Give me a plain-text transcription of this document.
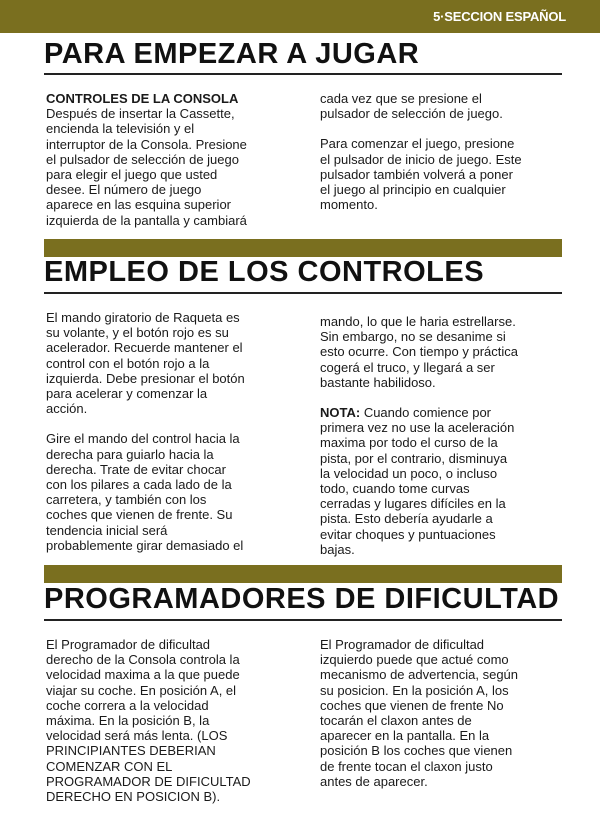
5·SECCION ESPAÑOL
PARA EMPEZAR A JUGAR

CONTROLES DE LA CONSOLA

Después de insertar la Cassette,
encienda la televisión y el
interruptor de la Consola. Presione
el pulsador de selección de juego
para elegir el juego que usted
desee. El número de juego
aparece en las esquina superior
izquierda de la pantalla y cambiará

cada vez que se presione el
pulsador de selección de juego.

Para comenzar el juego, presione
el pulsador de inicio de juego. Este
pulsador también volverá a poner
el juego al principio en cualquier
momento.

EMPLEO DE LOS CONTROLES

El mando giratorio de Raqueta es
su volante, y el botón rojo es su
acelerador. Recuerde mantener el
control con el botón rojo a la
izquierda. Debe presionar el botón
para acelerar y comenzar la
acción.

Gire el mando del control hacia la
derecha para guiarlo hacia la
derecha. Trate de evitar chocar
con los pilares a cada lado de la
carretera, y también con los
coches que vienen de frente. Su
tendencia inicial será
probablemente girar demasiado el

mando, lo que le haria estrellarse.
Sin embargo, no se desanime si
esto ocurre. Con tiempo y práctica
cogerá el truco, y llegará a ser
bastante habilidoso.

NOTA: Cuando comience por
primera vez no use la aceleración
maxima por todo el curso de la
pista, por el contrario, disminuya
la velocidad un poco, o incluso
todo, cuando tome curvas
cerradas y lugares difíciles en la
pista. Esto debería ayudarle a
evitar choques y puntuaciones
bajas.

PROGRAMADORES DE DIFICULTAD

El Programador de dificultad
derecho de la Consola controla la
velocidad maxima a la que puede
viajar su coche. En posición A, el
coche correra a la velocidad
máxima. En la posición B, la
velocidad será más lenta. (LOS
PRINCIPIANTES DEBERIAN
COMENZAR CON EL
PROGRAMADOR DE DIFICULTAD
DERECHO EN POSICION B).

El Programador de dificultad
izquierdo puede que actué como
mecanismo de advertencia, según
su posicion. En la posición A, los
coches que vienen de frente No
tocarán el claxon antes de
aparecer en la pantalla. En la
posición B los coches que vienen
de frente tocan el claxon justo
antes de aparecer.
